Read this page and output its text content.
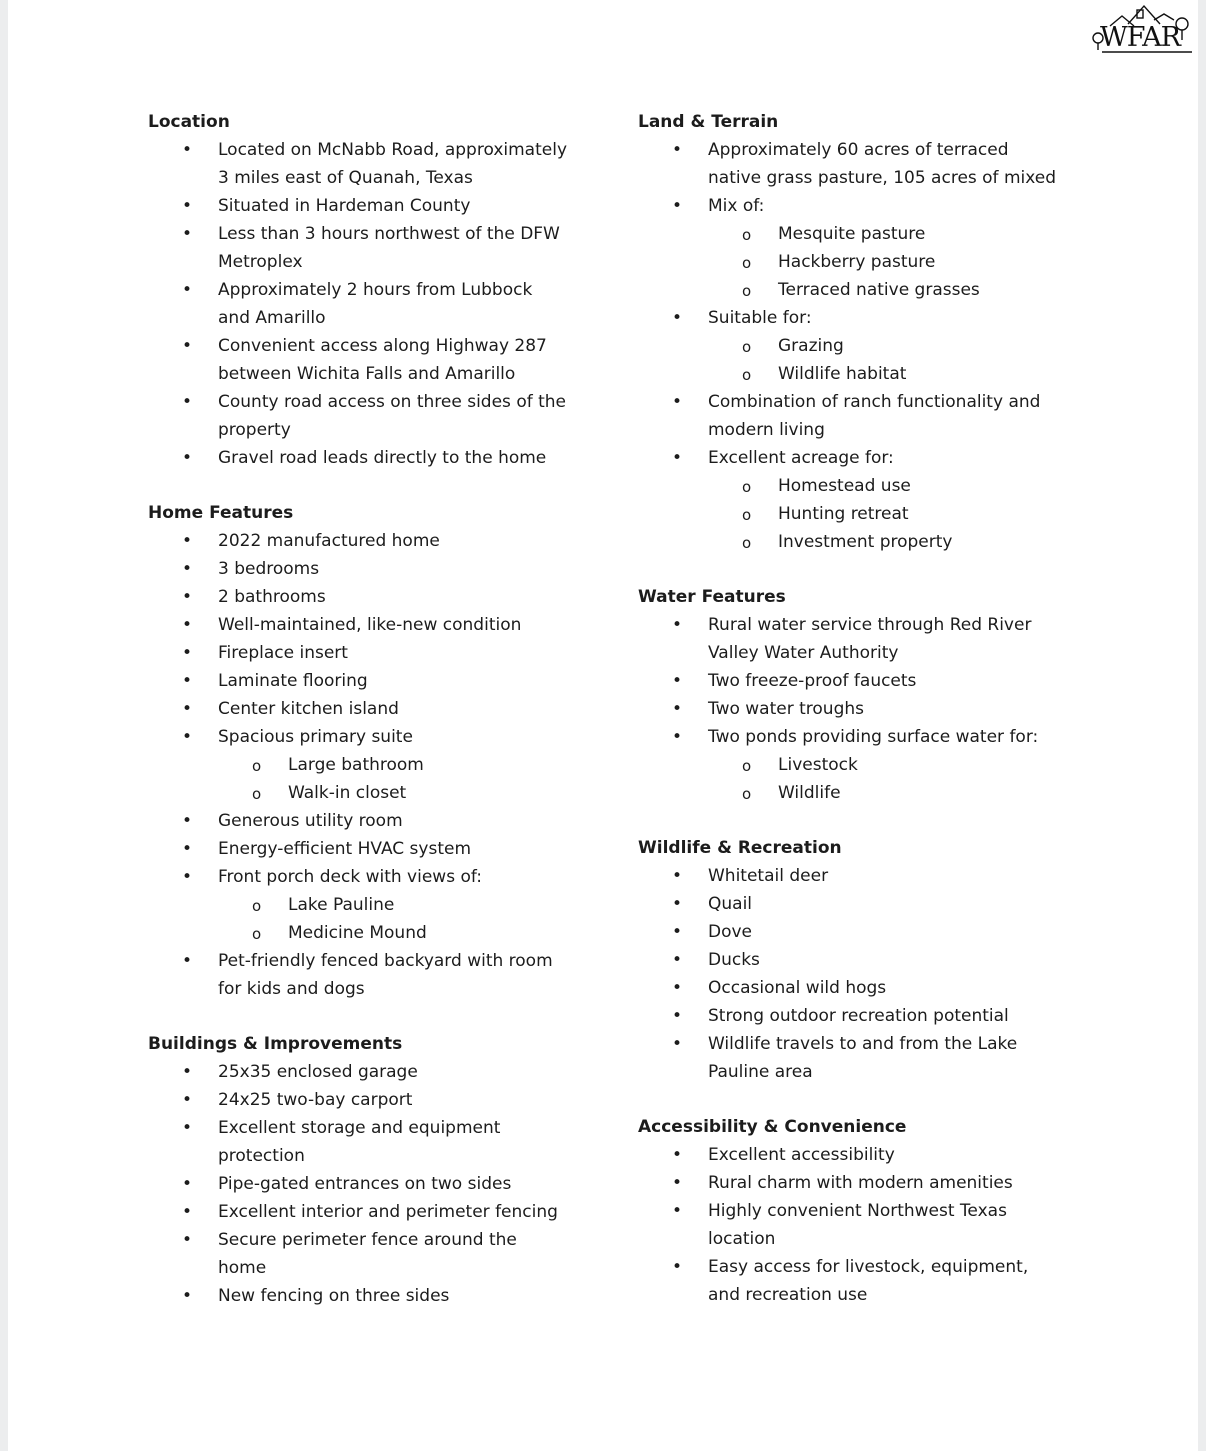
WFAR
Location
• Located on McNabb Road, approximately 3 miles east of Quanah, Texas
• Situated in Hardeman County
• Less than 3 hours northwest of the DFW Metroplex
• Approximately 2 hours from Lubbock and Amarillo
• Convenient access along Highway 287 between Wichita Falls and Amarillo
• County road access on three sides of the property
• Gravel road leads directly to the home
Home Features
• 2022 manufactured home
• 3 bedrooms
• 2 bathrooms
• Well-maintained, like-new condition
• Fireplace insert
• Laminate flooring
• Center kitchen island
• Spacious primary suite
o	Large bathroom
o	Walk-in closet
• Generous utility room
• Energy-efficient HVAC system
• Front porch deck with views of:
o	Lake Pauline
o	Medicine Mound
• Pet-friendly fenced backyard with room for kids and dogs
Buildings & Improvements
• 25x35 enclosed garage
• 24x25 two-bay carport
• Excellent storage and equipment protection
• Pipe-gated entrances on two sides
• Excellent interior and perimeter fencing
• Secure perimeter fence around the home
• New fencing on three sides
Land & Terrain
• Approximately 60 acres of terraced native grass pasture, 105 acres of mixed
• Mix of:
o	Mesquite pasture
o	Hackberry pasture
o	Terraced native grasses
• Suitable for:
o	Grazing
o	Wildlife habitat
• Combination of ranch functionality and modern living
• Excellent acreage for:
o	Homestead use
o	Hunting retreat
o	Investment property
Water Features
• Rural water service through Red River Valley Water Authority
• Two freeze-proof faucets
• Two water troughs
• Two ponds providing surface water for:
o	Livestock
o	Wildlife
Wildlife & Recreation
• Whitetail deer
• Quail
• Dove
• Ducks
• Occasional wild hogs
• Strong outdoor recreation potential
• Wildlife travels to and from the Lake Pauline area
Accessibility & Convenience
• Excellent accessibility
• Rural charm with modern amenities
• Highly convenient Northwest Texas location
• Easy access for livestock, equipment, and recreation use
